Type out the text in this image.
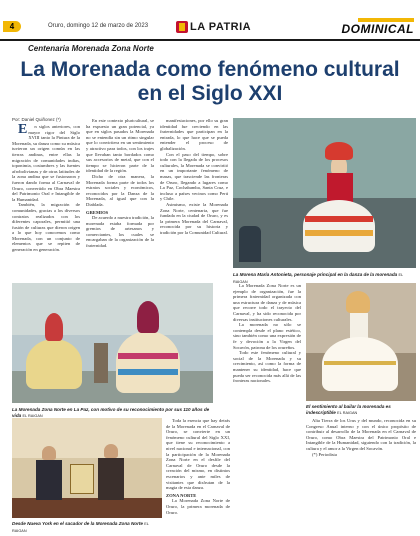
4	Oruro, domingo 12 de marzo de 2023	LA PATRIA	DOMINICAL
Centenaria Morenada Zona Norte
La Morenada como fenómeno cultural en el Siglo XXI
Por: Daniel Quiñonez (*)

En siglos anteriores, con mayor rigor del Siglo XVIII tanto la Pintura de la Morenada, su danza como su música tuvieron un origen común en las tierras andinas, entre ellas la migración de comunidades indias, toponimia, costumbres y las fuentes afrobolivianas y de otras latitudes de la zona andina que se fusionaron y fueron dando forma al Carnaval de Oruro, convertido en Obra Maestra del Patrimonio Oral e Intangible de la Humanidad.

También, la migración de comunidades, gracias a los diversos contratos realizados con los diferentes caporales, permitió una fusión de culturas que dieron origen a lo que hoy conocemos como Morenada, con un conjunto de elementos que se repiten de generación en generación.

En este contexto pluricultural, se ha expuesto un gran potencial, ya que en siglos pasados la Morenada no se entendía sin un ritmo singular que lo convirtiera en un sentimiento y atractivo para todos, con los trajes que llevaban tanto bordados como sus accesorios de metal, que con el tiempo se hicieron parte de la identidad de la región.

Dicho de otra manera, la Morenada forma parte de todos los estratos sociales y económicos, reconocidos por la Danza de la Morenada, al igual que con la Diablada.

GREMIOS

De acuerdo a nuestra tradición, la morenada estaba formada por gremios de artesanos y comerciantes, los cuales se encargaban de la organización de la fraternidad.

manifestaciones, por ello su gran identidad fue creciendo en las fraternidades que participan en la entrada, lo que hace que se pueda entender el proceso de globalización.

Con el paso del tiempo, sobre todo con la llegada de los procesos culturales, la Morenada se convirtió en un importante fenómeno de masas, que trasciende las fronteras de Oruro, llegando a lugares como La Paz, Cochabamba, Santa Cruz, e incluso a países vecinos como Perú y Chile.

Asimismo, existe la Morenada Zona Norte, centenaria, que fue fundada en la ciudad de Oruro, y es la primera Morenada del Carnaval, reconocida por su historia y tradición por la Comunidad Cultural.

La Morena María Antonieta, personaje principal en la danza de la morenada EL RAIGAN
La Morenada Zona Norte en La Paz, con motivo de su reconocimiento por sus 110 años de vida EL RAIGAN

La Morenada Zona Norte es un ejemplo de organización, fue la primera fraternidad organizada con una estructura de danza y de música que recorre todo el trayecto del Carnaval, y ha sido reconocida por diversas instituciones culturales.

La morenada no sólo se contempla desde el plano estético, sino también como una expresión de fe y devoción a la Virgen del Socavón, patrona de los orureños.

Todo este fenómeno cultural y social de la Morenada y su crecimiento, así como la forma de mantener su identidad, hace que pueda ser reconocida más allá de las fronteras nacionales.

El sentimiento al bailar la morenada es indescriptible EL RAIGAN
Desde Nueva York en el sacador de la Morenada Zona Norte EL RAIGAN

Toda la esencia que hay detrás de la Morenada en el Carnaval de Oruro, se convierte en un fenómeno cultural del Siglo XXI, que tiene su reconocimiento a nivel nacional e internacional, con la participación de la Morenada Zona Norte en el desfile del Carnaval de Oruro desde la creación del mismo, en distintos escenarios y ante miles de visitantes que disfrutan de la magia de esta danza.

ZONA NORTE

La Morenada Zona Norte de Oruro, la primera morenada de Oruro.

Alta Tierra de los Urus y del mundo, reconocida en su Congreso Anual interno y con el único propósito de contribuir al desarrollo de la Morenada en el Carnaval de Oruro, como Obra Maestra del Patrimonio Oral e Intangible de la Humanidad, siguiendo con la tradición, la cultura y el amor a la Virgen del Socavón.

(*) Periodista
